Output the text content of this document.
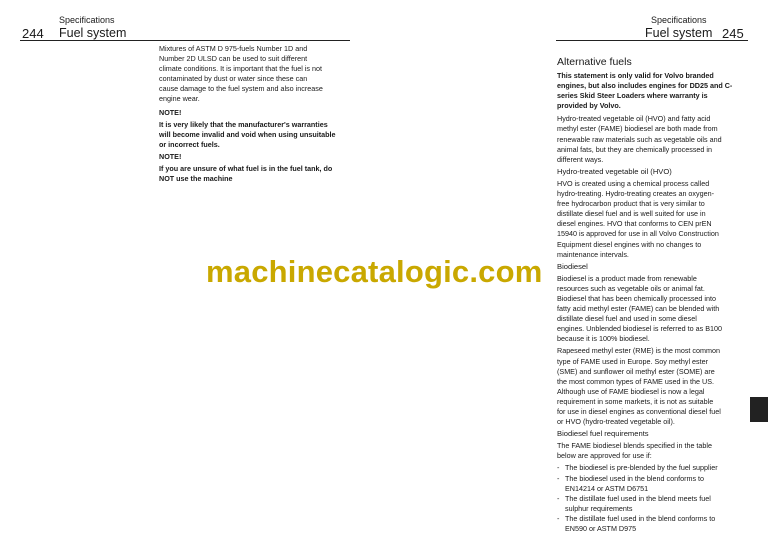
244
Specifications
Fuel system
Specifications
Fuel system 245

Mixtures of ASTM D 975-fuels Number 1D and
Number 2D ULSD can be used to suit different
climate conditions. It is important that the fuel is not
contaminated by dust or water since these can
cause damage to the fuel system and also increase
engine wear.

NOTE!

It is very likely that the manufacturer's warranties
will become invalid and void when using unsuitable
or incorrect fuels.

NOTE!

If you are unsure of what fuel is in the fuel tank, do
NOT use the machine

Alternative fuels

This statement is only valid for Volvo branded
engines, but also includes engines for DD25 and C-
series Skid Steer Loaders where warranty is
provided by Volvo.

Hydro-treated vegetable oil (HVO) and fatty acid
methyl ester (FAME) biodiesel are both made from
renewable raw materials such as vegetable oils and
animal fats, but they are chemically processed in
different ways.

Hydro-treated vegetable oil (HVO)

HVO is created using a chemical process called
hydro-treating. Hydro-treating creates an oxygen-
free hydrocarbon product that is very similar to
distillate diesel fuel and is well suited for use in
diesel engines. HVO that conforms to CEN prEN
15940 is approved for use in all Volvo Construction
Equipment diesel engines with no changes to
maintenance intervals.

Biodiesel

Biodiesel is a product made from renewable
resources such as vegetable oils or animal fat.
Biodiesel that has been chemically processed into
fatty acid methyl ester (FAME) can be blended with
distillate diesel fuel and used in some diesel
engines. Unblended biodiesel is referred to as B100
because it is 100% biodiesel.

Rapeseed methyl ester (RME) is the most common
type of FAME used in Europe. Soy methyl ester
(SME) and sunflower oil methyl ester (SOME) are
the most common types of FAME used in the US.
Although use of FAME biodiesel is now a legal
requirement in some markets, it is not as suitable
for use in diesel engines as conventional diesel fuel
or HVO (hydro-treated vegetable oil).

Biodiesel fuel requirements

The FAME biodiesel blends specified in the table
below are approved for use if:

- The biodiesel is pre-blended by the fuel supplier
- The biodiesel used in the blend conforms to
EN14214 or ASTM D6751
- The distillate fuel used in the blend meets fuel
sulphur requirements
- The distillate fuel used in the blend conforms to
EN590 or ASTM D975
machinecatalogic.com
